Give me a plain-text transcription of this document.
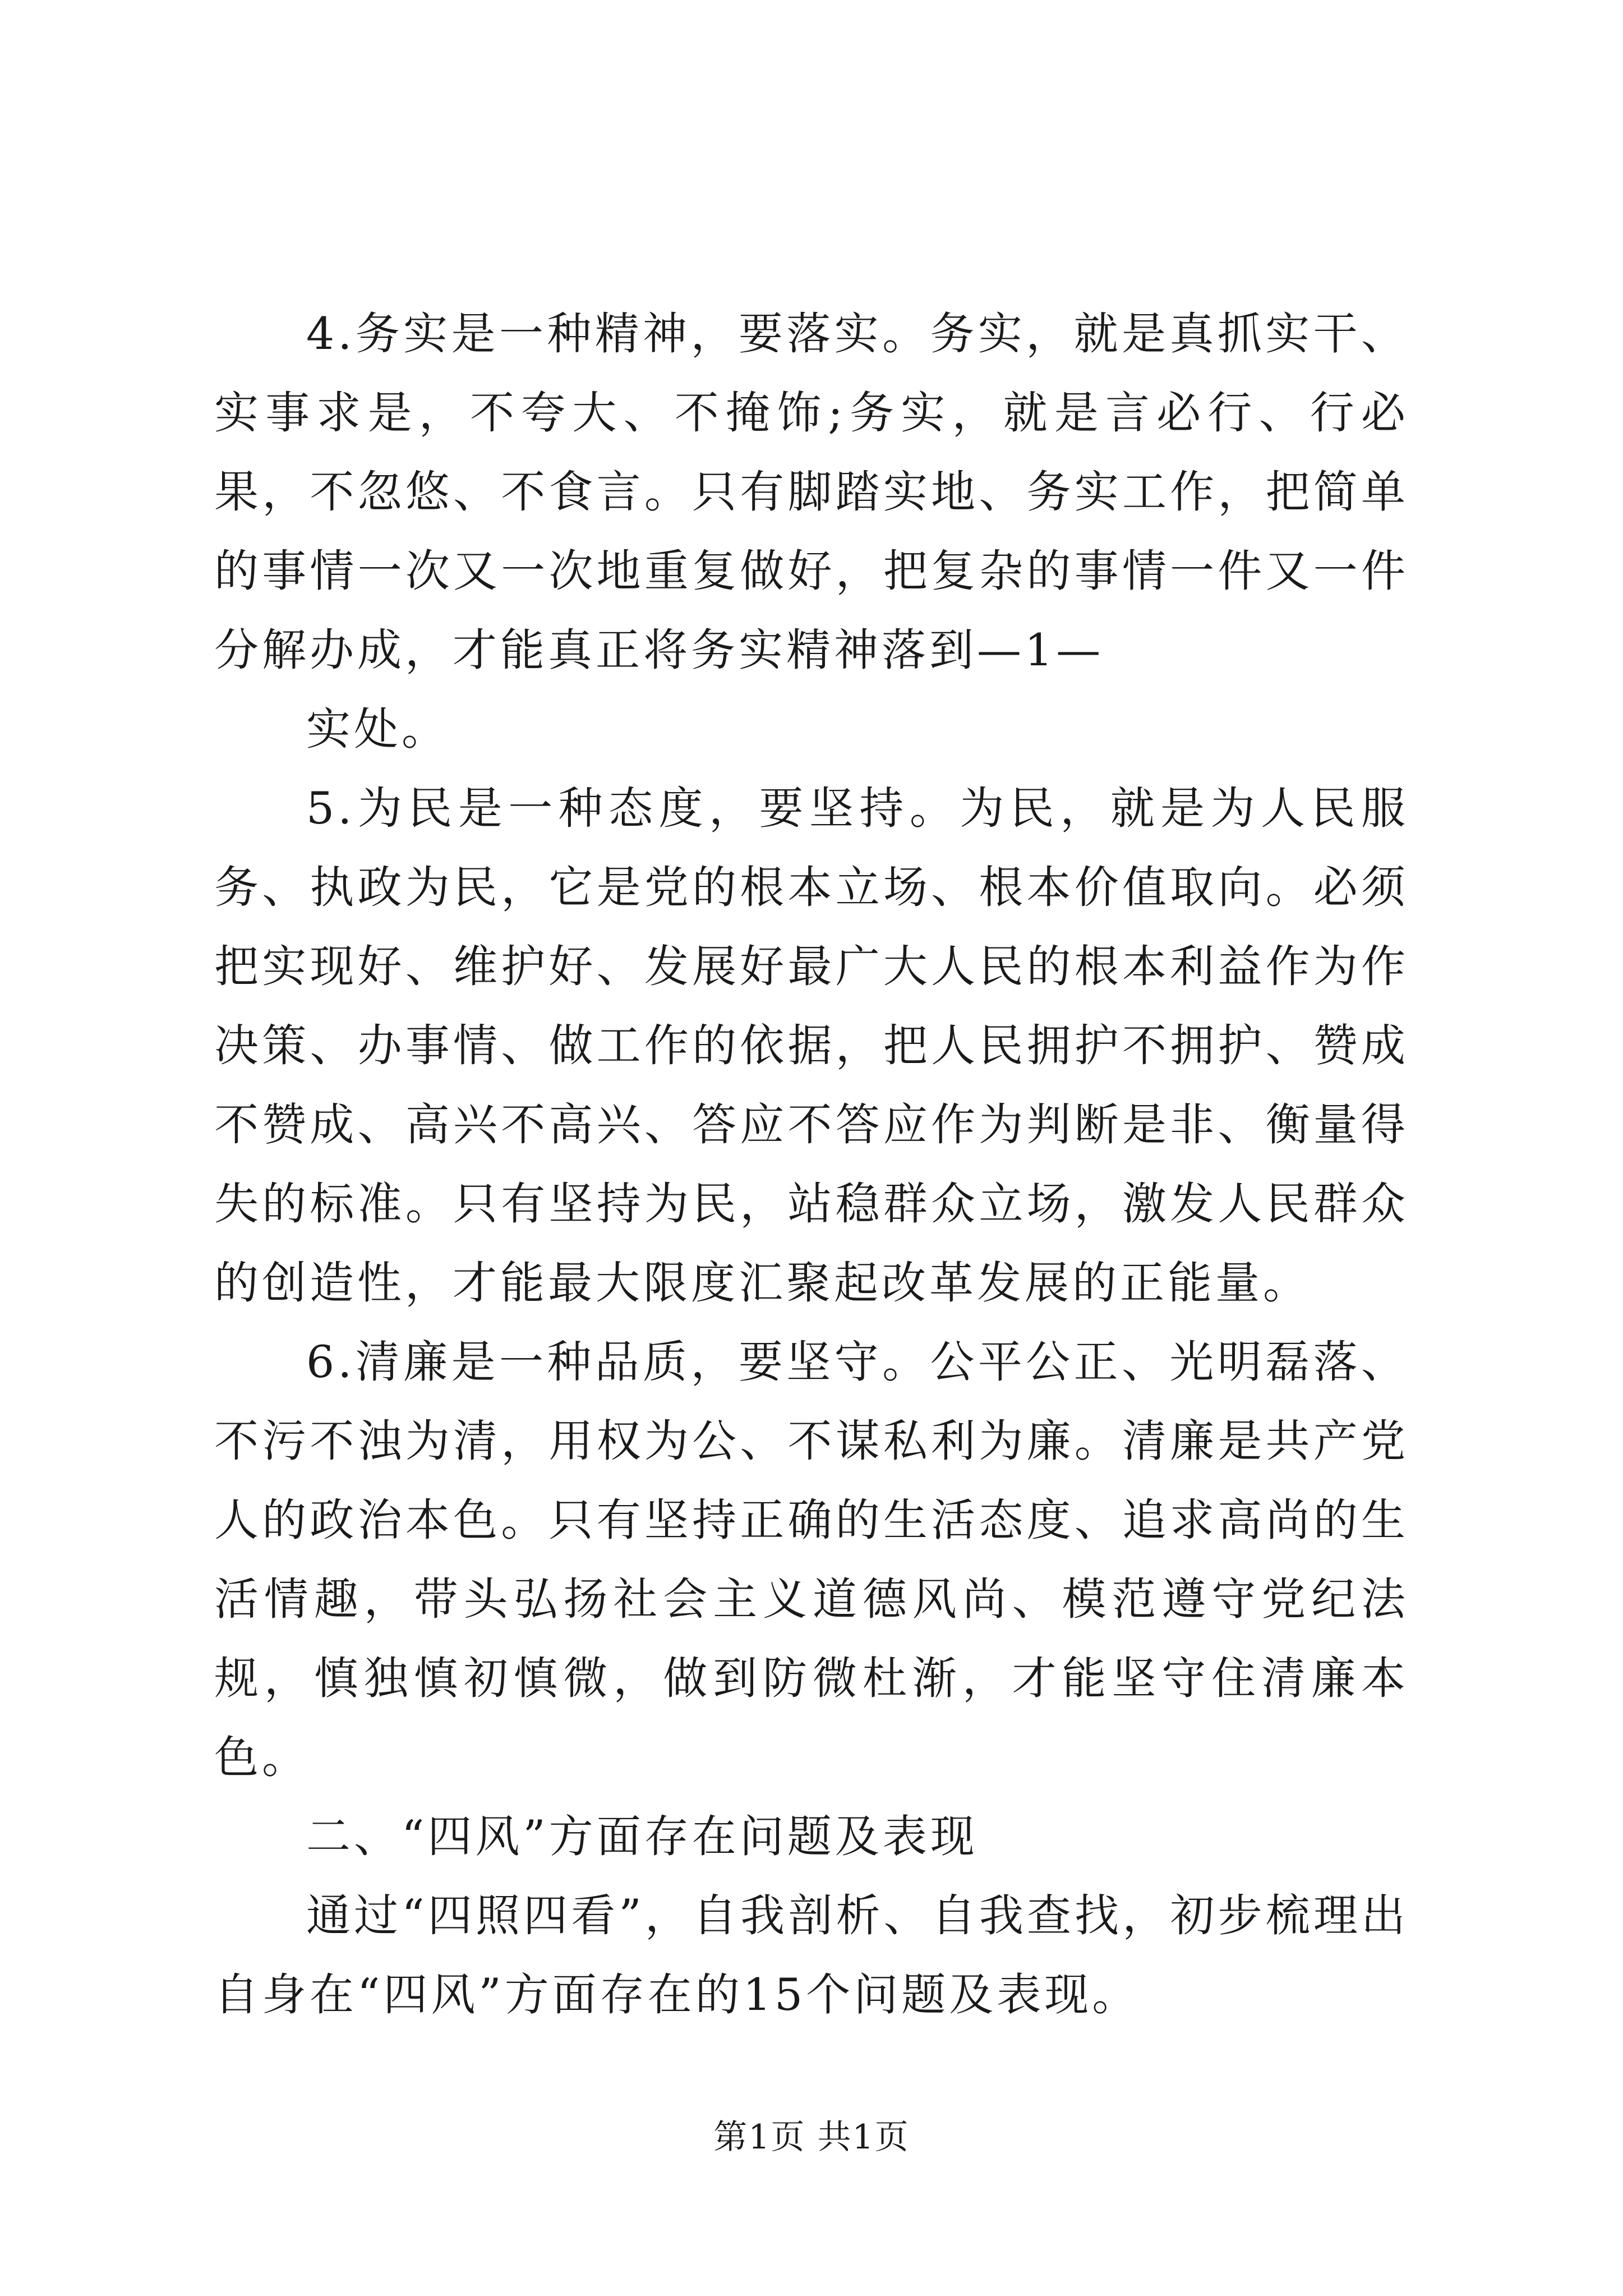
4.务实是一种精神，要落实。务实，就是真抓实干、实事求是，不夸大、不掩饰;务实，就是言必行、行必果，不忽悠、不食言。只有脚踏实地、务实工作，把简单的事情一次又一次地重复做好，把复杂的事情一件又一件分解办成，才能真正将务实精神落到—1—

实处。

5.为民是一种态度，要坚持。为民，就是为人民服务、执政为民，它是党的根本立场、根本价值取向。必须把实现好、维护好、发展好最广大人民的根本利益作为作决策、办事情、做工作的依据，把人民拥护不拥护、赞成不赞成、高兴不高兴、答应不答应作为判断是非、衡量得失的标准。只有坚持为民，站稳群众立场，激发人民群众的创造性，才能最大限度汇聚起改革发展的正能量。

6.清廉是一种品质，要坚守。公平公正、光明磊落、不污不浊为清，用权为公、不谋私利为廉。清廉是共产党人的政治本色。只有坚持正确的生活态度、追求高尚的生活情趣，带头弘扬社会主义道德风尚、模范遵守党纪法规，慎独慎初慎微，做到防微杜渐，才能坚守住清廉本色。

二、“四风”方面存在问题及表现

通过“四照四看”，自我剖析、自我查找，初步梳理出自身在“四风”方面存在的15个问题及表现。

第1页 共1页
